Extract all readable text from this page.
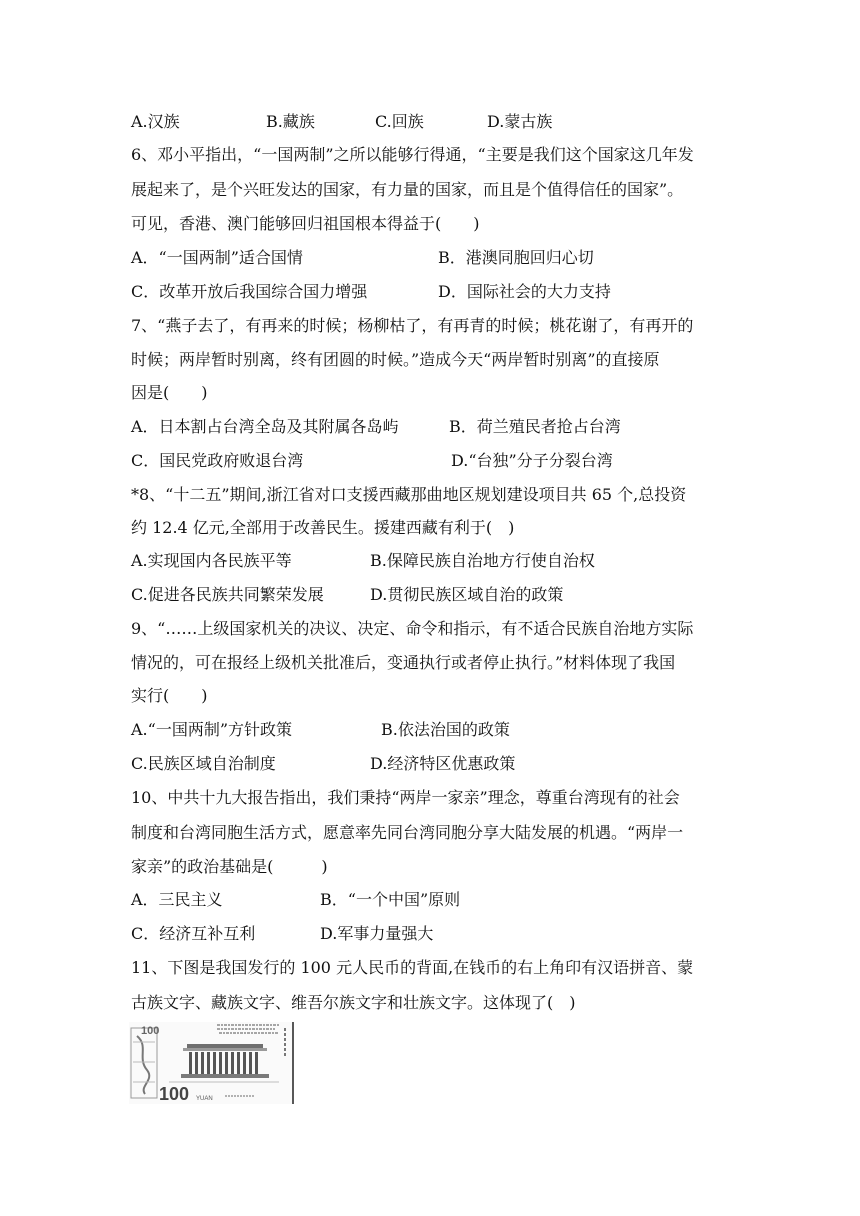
A.汉族	B.藏族	C.回族	D.蒙古族
6、邓小平指出，“一国两制”之所以能够行得通，“主要是我们这个国家这几年发
展起来了，是个兴旺发达的国家，有力量的国家，而且是个值得信任的国家”。
可见，香港、澳门能够回归祖国根本得益于(　　)
A．“一国两制”适合国情	B．港澳同胞回归心切
C．改革开放后我国综合国力增强	D．国际社会的大力支持
7、“燕子去了，有再来的时候；杨柳枯了，有再青的时候；桃花谢了，有再开的
时候；两岸暂时别离，终有团圆的时候。”造成今天“两岸暂时别离”的直接原
因是(　　)
A．日本割占台湾全岛及其附属各岛屿	B．荷兰殖民者抢占台湾
C．国民党政府败退台湾	D.“台独”分子分裂台湾
*8、“十二五”期间,浙江省对口支援西藏那曲地区规划建设项目共 65 个,总投资
约 12.4 亿元,全部用于改善民生。援建西藏有利于(　)
A.实现国内各民族平等	B.保障民族自治地方行使自治权
C.促进各民族共同繁荣发展	D.贯彻民族区域自治的政策
9、“……上级国家机关的决议、决定、命令和指示，有不适合民族自治地方实际
情况的，可在报经上级机关批准后，变通执行或者停止执行。”材料体现了我国
实行(　　)
A.“一国两制”方针政策	B.依法治国的政策
C.民族区域自治制度	D.经济特区优惠政策
10、中共十九大报告指出，我们秉持“两岸一家亲”理念，尊重台湾现有的社会
制度和台湾同胞生活方式，愿意率先同台湾同胞分享大陆发展的机遇。“两岸一
家亲”的政治基础是(　　　)
A．三民主义	B．“一个中国”原则
C．经济互补互利	D.军事力量强大
11、下图是我国发行的 100 元人民币的背面,在钱币的右上角印有汉语拼音、蒙
古族文字、藏族文字、维吾尔族文字和壮族文字。这体现了(　)
100
100 YUAN
